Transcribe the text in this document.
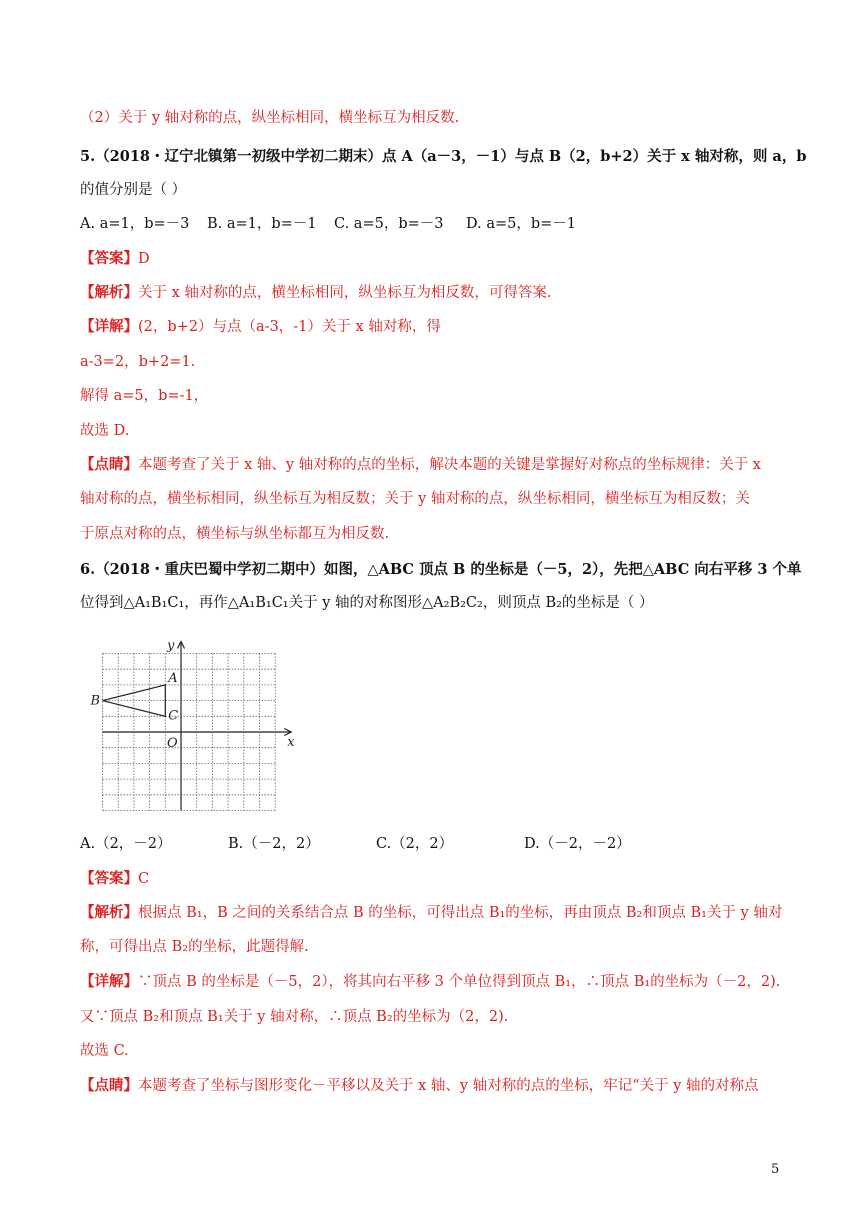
（2）关于 y 轴对称的点，纵坐标相同，横坐标互为相反数.
5.（2018・辽宁北镇第一初级中学初二期末）点 A（a－3，－1）与点 B（2，b+2）关于 x 轴对称，则 a，b
的值分别是（ ）
A. a=1，b=－3 B. a=1，b=－1 C. a=5，b=－3 D. a=5，b=－1
【答案】D
【解析】关于 x 轴对称的点，横坐标相同，纵坐标互为相反数，可得答案.
【详解】(2，b+2）与点（a-3，-1）关于 x 轴对称，得
a-3=2，b+2=1.
解得 a=5，b=-1，
故选 D.
【点睛】本题考查了关于 x 轴、y 轴对称的点的坐标，解决本题的关键是掌握好对称点的坐标规律：关于 x
轴对称的点，横坐标相同，纵坐标互为相反数；关于 y 轴对称的点，纵坐标相同，横坐标互为相反数；关
于原点对称的点，横坐标与纵坐标都互为相反数.
6.（2018・重庆巴蜀中学初二期中）如图，△ABC 顶点 B 的坐标是（－5，2），先把△ABC 向右平移 3 个单
位得到△A₁B₁C₁，再作△A₁B₁C₁关于 y 轴的对称图形△A₂B₂C₂，则顶点 B₂的坐标是（ ）
y
x
A
B
C
O
A.（2，－2）	B.（－2，2）	C.（2，2）	D.（－2，－2）
【答案】C
【解析】根据点 B₁，B 之间的关系结合点 B 的坐标，可得出点 B₁的坐标，再由顶点 B₂和顶点 B₁关于 y 轴对
称，可得出点 B₂的坐标，此题得解.
【详解】∵顶点 B 的坐标是（－5，2），将其向右平移 3 个单位得到顶点 B₁，∴顶点 B₁的坐标为（－2，2).
又∵顶点 B₂和顶点 B₁关于 y 轴对称，∴顶点 B₂的坐标为（2，2).
故选 C.
【点睛】本题考查了坐标与图形变化－平移以及关于 x 轴、y 轴对称的点的坐标，牢记“关于 y 轴的对称点
5
